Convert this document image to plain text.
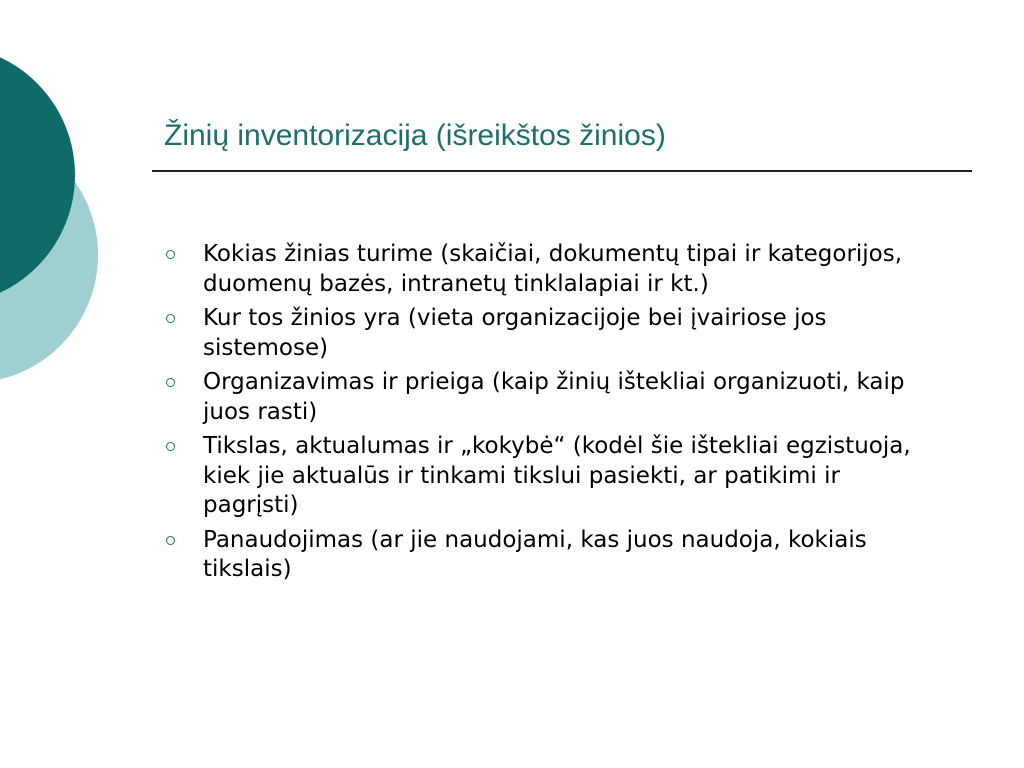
Žinių inventorizacija (išreikštos žinios)
Kokias žinias turime (skaičiai, dokumentų tipai ir kategorijos, duomenų bazės, intranetų tinklalapiai ir kt.)
Kur tos žinios yra (vieta organizacijoje bei įvairiose jos sistemose)
Organizavimas ir prieiga (kaip žinių ištekliai organizuoti, kaip juos rasti)
Tikslas, aktualumas ir „kokybė“ (kodėl šie ištekliai egzistuoja, kiek jie aktualūs ir tinkami tikslui pasiekti, ar patikimi ir pagrįsti)
Panaudojimas (ar jie naudojami, kas juos naudoja, kokiais tikslais)
